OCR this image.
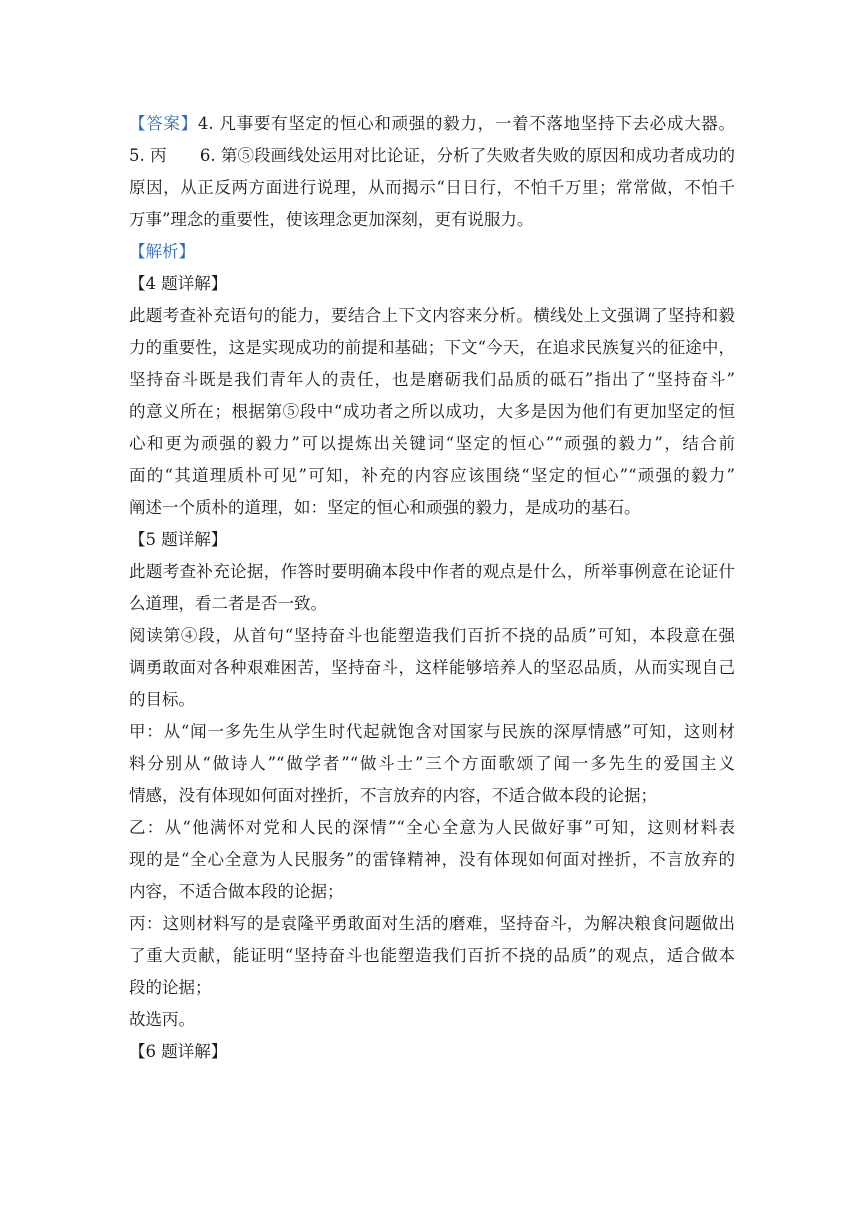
【答案】4. 凡事要有坚定的恒心和顽强的毅力，一着不落地坚持下去必成大器。
5. 丙　　6. 第⑤段画线处运用对比论证，分析了失败者失败的原因和成功者成功的
原因，从正反两方面进行说理，从而揭示“日日行，不怕千万里；常常做，不怕千
万事”理念的重要性，使该理念更加深刻，更有说服力。
【解析】
【4 题详解】
此题考查补充语句的能力，要结合上下文内容来分析。横线处上文强调了坚持和毅
力的重要性，这是实现成功的前提和基础；下文“今天，在追求民族复兴的征途中，
坚持奋斗既是我们青年人的责任，也是磨砺我们品质的砥石”指出了“坚持奋斗”
的意义所在；根据第⑤段中“成功者之所以成功，大多是因为他们有更加坚定的恒
心和更为顽强的毅力”可以提炼出关键词“坚定的恒心”“顽强的毅力”，结合前
面的“其道理质朴可见”可知，补充的内容应该围绕“坚定的恒心”“顽强的毅力”
阐述一个质朴的道理，如：坚定的恒心和顽强的毅力，是成功的基石。
【5 题详解】
此题考查补充论据，作答时要明确本段中作者的观点是什么，所举事例意在论证什
么道理，看二者是否一致。
阅读第④段，从首句“坚持奋斗也能塑造我们百折不挠的品质”可知，本段意在强
调勇敢面对各种艰难困苦，坚持奋斗，这样能够培养人的坚忍品质，从而实现自己
的目标。
甲：从“闻一多先生从学生时代起就饱含对国家与民族的深厚情感”可知，这则材
料分别从“做诗人”“做学者”“做斗士”三个方面歌颂了闻一多先生的爱国主义
情感，没有体现如何面对挫折，不言放弃的内容，不适合做本段的论据；
乙：从“他满怀对党和人民的深情”“全心全意为人民做好事”可知，这则材料表
现的是“全心全意为人民服务”的雷锋精神，没有体现如何面对挫折，不言放弃的
内容，不适合做本段的论据；
丙：这则材料写的是袁隆平勇敢面对生活的磨难，坚持奋斗，为解决粮食问题做出
了重大贡献，能证明“坚持奋斗也能塑造我们百折不挠的品质”的观点，适合做本
段的论据；
故选丙。
【6 题详解】
